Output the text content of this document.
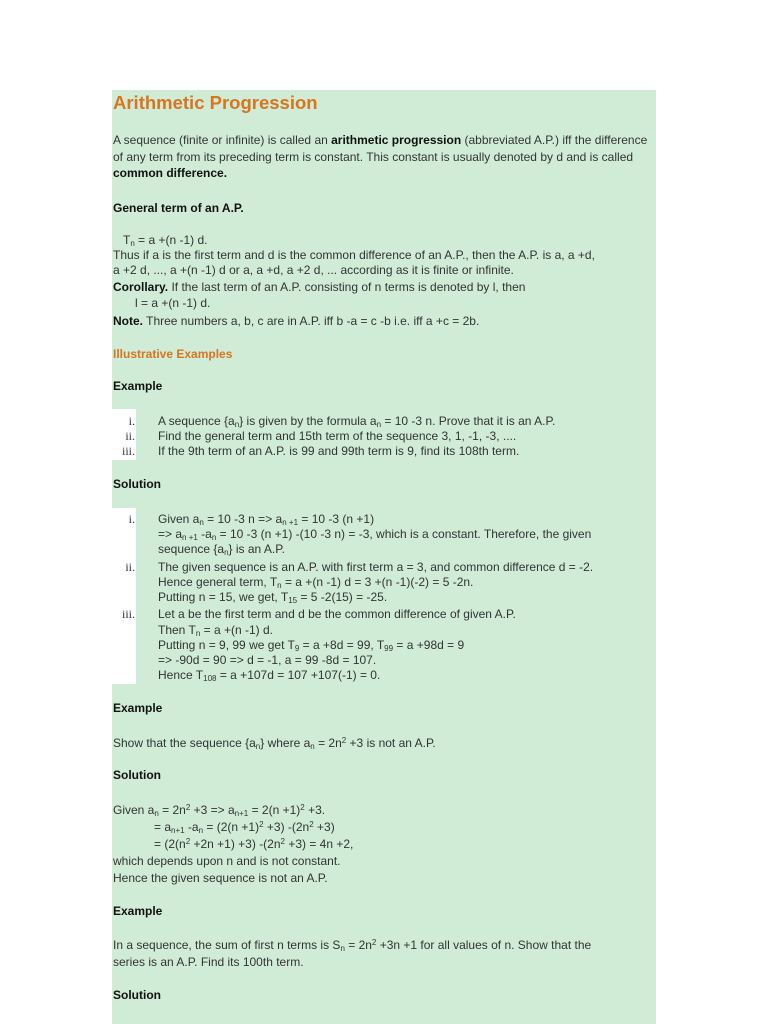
Arithmetic Progression
A sequence (finite or infinite) is called an arithmetic progression (abbreviated A.P.) iff the difference of any term from its preceding term is constant. This constant is usually denoted by d and is called common difference.
General term of an A.P.
$T_n = a +(n$ -1) d.
Thus if a is the first term and d is the common difference of an A.P., then the A.P. is a, a +d,
a +2 d, ..., a +(n -1) d or a, a +d, a +2 d, ... according as it is finite or infinite.
Corollary. If the last term of an A.P. consisting of n terms is denoted by l, then
l = a +(n -1) d.
Note. Three numbers a, b, c are in A.P. iff b -a = c -b i.e. iff a +c = 2b.
Illustrative Examples
Example
i.
ii.
iii.
A sequence $\{a_n\}$ is given by the formula $a_n = 10$ -3 n. Prove that it is an A.P.
Find the general term and 15th term of the sequence 3, 1, -1, -3, ....
If the 9th term of an A.P. is 99 and 99th term is 9, find its 108th term.
Solution
i.
ii.
iii.
Given $a_n = 10$ -3 $n => a_{n +1} = 10$ -3 (n +1)
=> $a_{n +1}$ $-a_n = 10$ -3 (n +1) -(10 -3 n) = -3, which is a constant. Therefore, the given
sequence $\{a_n\}$ is an A.P.
The given sequence is an A.P. with first term a = 3, and common difference d = -2.
Hence general term, $T_n = a +(n$ -1) d = 3 +(n -1)(-2) = 5 -2n.
Putting n = 15, we get, $T_{15} = 5$ -2(15) = -25.
Let a be the first term and d be the common difference of given A.P.
Then $T_n = a +(n$ -1) d.
Putting n = 9, 99 we get $T_9 = a +8d = 99$, $T_{99} = a +98d = 9$
=> -90d = 90 => d = -1, a = 99 -8d = 107.
Hence $T_{108} = a +107d = 107 +107(-1) = 0$.
Example
Show that the sequence $\{a_n\}$ where $a_n = 2n^2 +3$ is not an A.P.
Solution
Given $a_n = 2n^2 +3 => a_{n+1} = 2(n +1)^2 +3$.
= $a_{n+1}$ $-a_n = (2(n +1)^2 +3)$ $-(2n^2 +3)$
= $(2(n^2 +2n +1) +3)$ $-(2n^2 +3) = 4n +2$,
which depends upon n and is not constant.
Hence the given sequence is not an A.P.
Example
In a sequence, the sum of first n terms is $S_n = 2n^2 +3n +1$ for all values of n. Show that the
series is an A.P. Find its 100th term.
Solution
